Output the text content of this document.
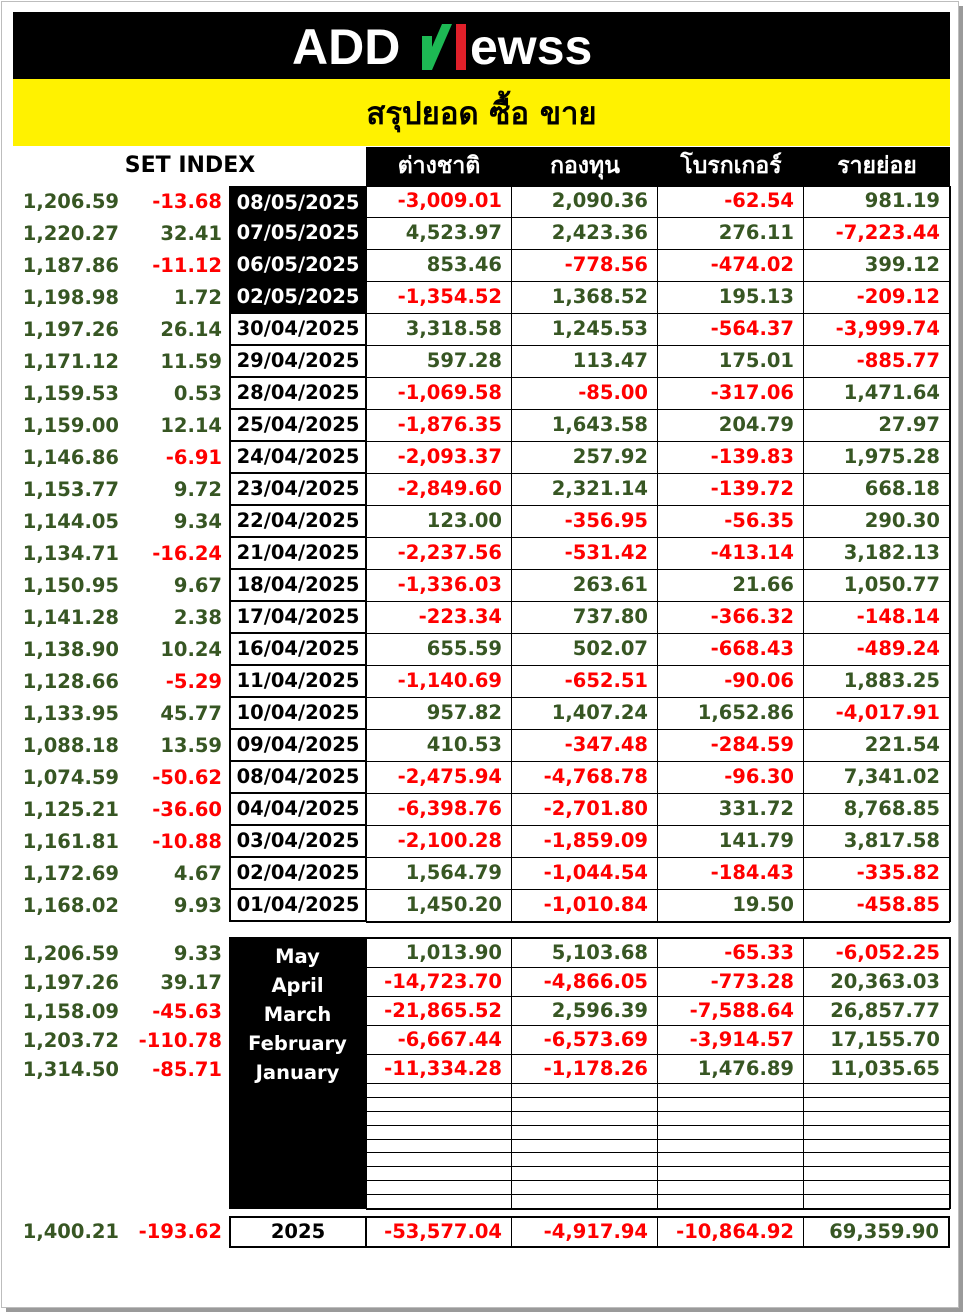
ADD ewss
สรุปยอด ซื้อ ขาย
SET INDEX	ต่างชาติ	กองทุน	โบรกเกอร์	รายย่อย
1,206.59	-13.68 08/05/2025	-3,009.01	2,090.36	-62.54	981.19
1,220.27	32.41 07/05/2025	4,523.97	2,423.36	276.11	-7,223.44
1,187.86	-11.12 06/05/2025	853.46	-778.56	-474.02	399.12
1,198.98	1.72 02/05/2025	-1,354.52	1,368.52	195.13	-209.12
1,197.26	26.14 30/04/2025	3,318.58	1,245.53	-564.37	-3,999.74
1,171.12	11.59 29/04/2025	597.28	113.47	175.01	-885.77
1,159.53	0.53 28/04/2025	-1,069.58	-85.00	-317.06	1,471.64
1,159.00	12.14 25/04/2025	-1,876.35	1,643.58	204.79	27.97
1,146.86	-6.91 24/04/2025	-2,093.37	257.92	-139.83	1,975.28
1,153.77	9.72 23/04/2025	-2,849.60	2,321.14	-139.72	668.18
1,144.05	9.34 22/04/2025	123.00	-356.95	-56.35	290.30
1,134.71	-16.24 21/04/2025	-2,237.56	-531.42	-413.14	3,182.13
1,150.95	9.67 18/04/2025	-1,336.03	263.61	21.66	1,050.77
1,141.28	2.38 17/04/2025	-223.34	737.80	-366.32	-148.14
1,138.90	10.24 16/04/2025	655.59	502.07	-668.43	-489.24
1,128.66	-5.29 11/04/2025	-1,140.69	-652.51	-90.06	1,883.25
1,133.95	45.77 10/04/2025	957.82	1,407.24	1,652.86	-4,017.91
1,088.18	13.59 09/04/2025	410.53	-347.48	-284.59	221.54
1,074.59	-50.62 08/04/2025	-2,475.94	-4,768.78	-96.30	7,341.02
1,125.21	-36.60 04/04/2025	-6,398.76	-2,701.80	331.72	8,768.85
1,161.81	-10.88 03/04/2025	-2,100.28	-1,859.09	141.79	3,817.58
1,172.69	4.67 02/04/2025	1,564.79	-1,044.54	-184.43	-335.82
1,168.02	9.93 01/04/2025	1,450.20	-1,010.84	19.50	-458.85
1,206.59	9.33	May	1,013.90	5,103.68	-65.33	-6,052.25
1,197.26	39.17	April	-14,723.70	-4,866.05	-773.28	20,363.03
1,158.09	-45.63	March	-21,865.52	2,596.39	-7,588.64	26,857.77
1,203.72	-110.78	February	-6,667.44	-6,573.69	-3,914.57	17,155.70
1,314.50	-85.71	January	-11,334.28	-1,178.26	1,476.89	11,035.65
1,400.21	-193.62	2025	-53,577.04	-4,917.94	-10,864.92	69,359.90
